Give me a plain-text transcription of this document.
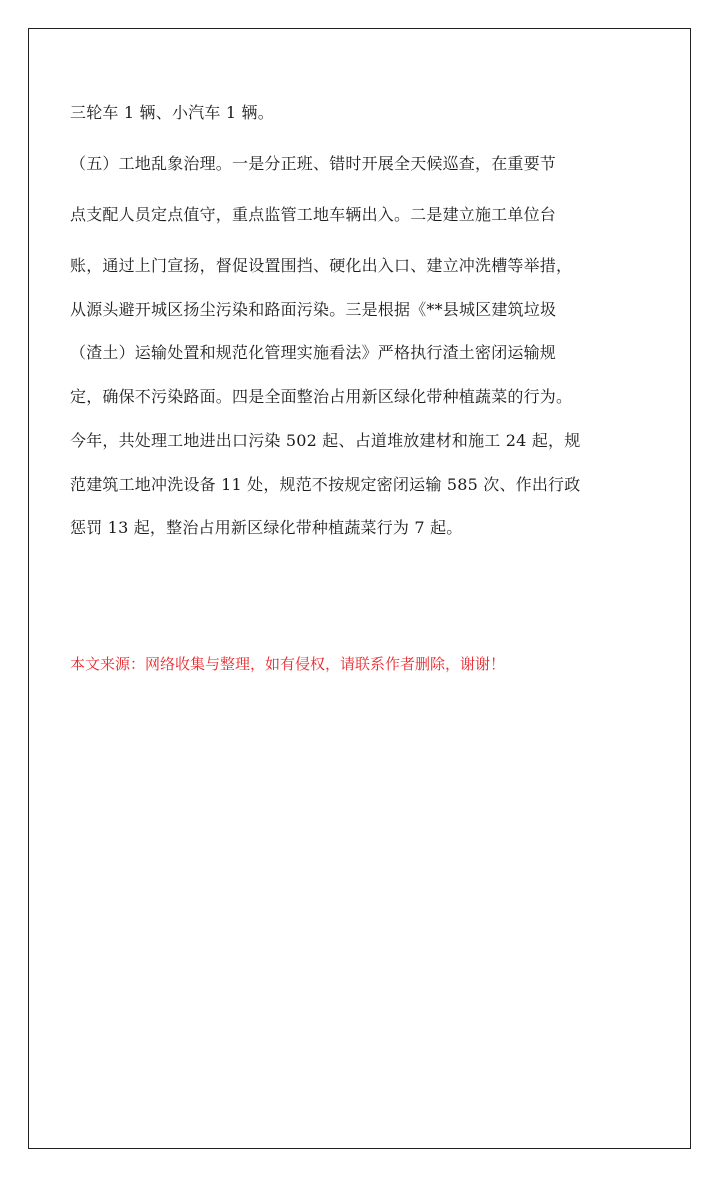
三轮车 1 辆、小汽车 1 辆。
（五）工地乱象治理。一是分正班、错时开展全天候巡查，在重要节
点支配人员定点值守，重点监管工地车辆出入。二是建立施工单位台
账，通过上门宣扬，督促设置围挡、硬化出入口、建立冲洗槽等举措，
从源头避开城区扬尘污染和路面污染。三是根据《**县城区建筑垃圾
（渣土）运输处置和规范化管理实施看法》严格执行渣土密闭运输规
定，确保不污染路面。四是全面整治占用新区绿化带种植蔬菜的行为。
今年，共处理工地进出口污染 502 起、占道堆放建材和施工 24 起，规
范建筑工地冲洗设备 11 处，规范不按规定密闭运输 585 次、作出行政
惩罚 13 起，整治占用新区绿化带种植蔬菜行为 7 起。
本文来源：网络收集与整理，如有侵权，请联系作者删除，谢谢！
